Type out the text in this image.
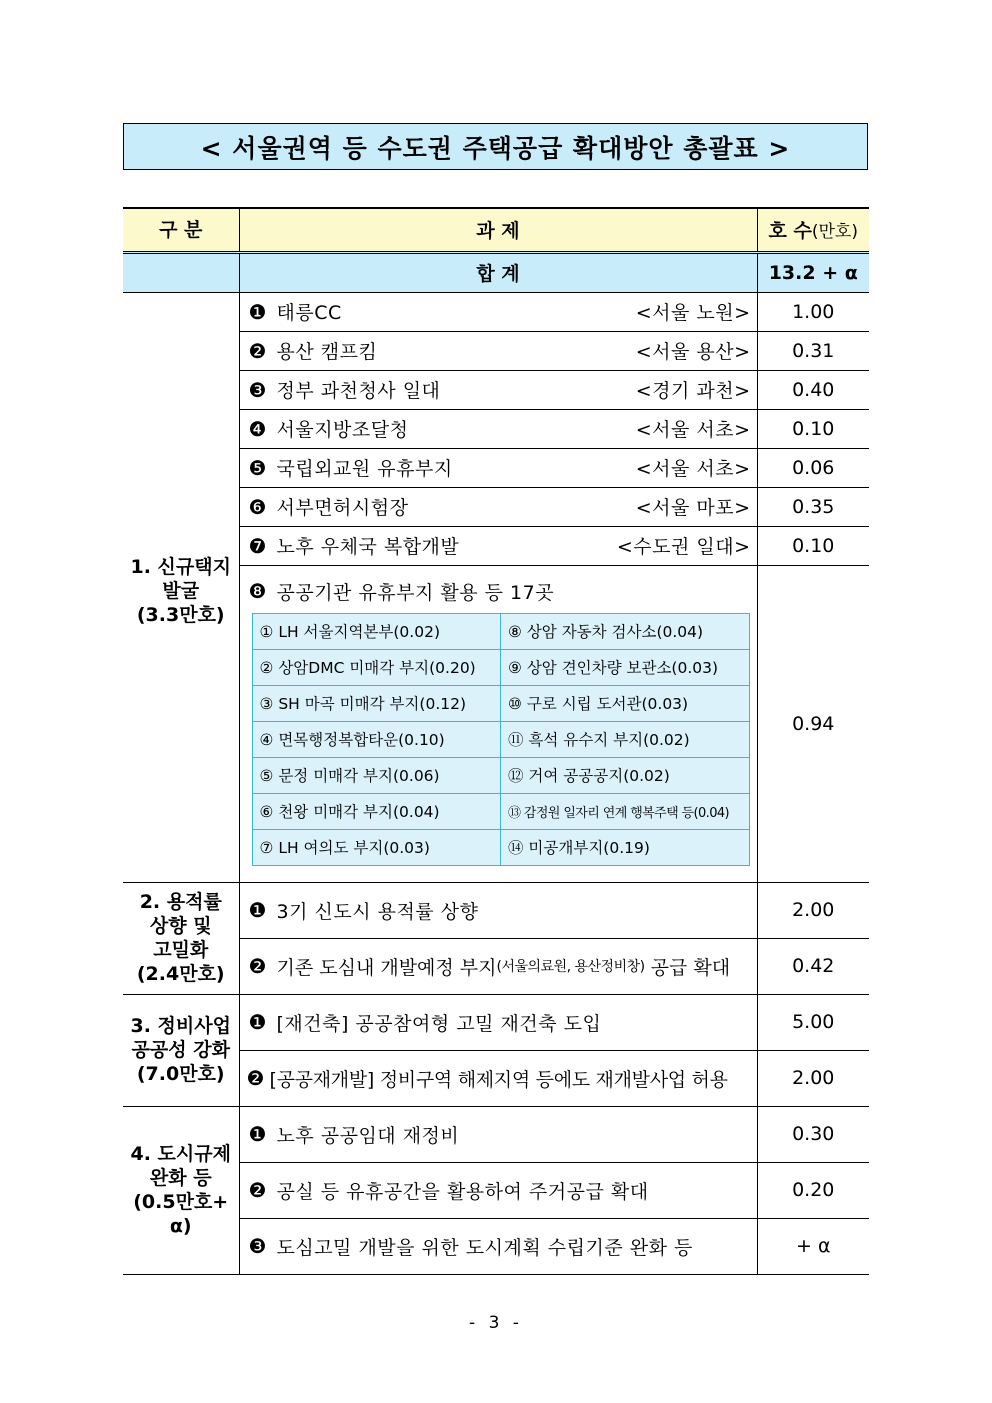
< 서울권역 등 수도권 주택공급 확대방안 총괄표 >
구 분	과 제	호 수(만호)
	합 계	13.2 + α

1. 신규택지
발굴
(3.3만호)

❶ 태릉CC	<서울 노원>	1.00

❷ 용산 캠프킴	<서울 용산>	0.31

❸ 정부 과천청사 일대	<경기 과천>	0.40

❹ 서울지방조달청	<서울 서초>	0.10

❺ 국립외교원 유휴부지	<서울 서초>	0.06

❻ 서부면허시험장	<서울 마포>	0.35

❼ 노후 우체국 복합개발	<수도권 일대>	0.10

❽ 공공기관 유휴부지 활용 등 17곳
① LH 서울지역본부(0.02)	⑧ 상암 자동차 검사소(0.04)
② 상암DMC 미매각 부지(0.20)	⑨ 상암 견인차량 보관소(0.03)
③ SH 마곡 미매각 부지(0.12)	⑩ 구로 시립 도서관(0.03)
④ 면목행정복합타운(0.10)	⑪ 흑석 유수지 부지(0.02)
⑤ 문정 미매각 부지(0.06)	⑫ 거여 공공공지(0.02)
⑥ 천왕 미매각 부지(0.04)	⑬ 감정원 일자리 연계 행복주택 등(0.04)
⑦ LH 여의도 부지(0.03)	⑭ 미공개부지(0.19)
	0.94

2. 용적률
상향 및
고밀화
(2.4만호)

❶ 3기 신도시 용적률 상향	2.00

❷ 기존 도심내 개발예정 부지 (서울의료원, 용산정비창) 공급 확대	0.42

3. 정비사업
공공성 강화
(7.0만호)

❶ [재건축] 공공참여형 고밀 재건축 도입	5.00

❷ [공공재개발] 정비구역 해제지역 등에도 재개발사업 허용	2.00

4. 도시규제
완화 등
(0.5만호+ α)

❶ 노후 공공임대 재정비	0.30

❷ 공실 등 유휴공간을 활용하여 주거공급 확대	0.20

❸ 도심고밀 개발을 위한 도시계획 수립기준 완화 등	+ α
- 3 -
